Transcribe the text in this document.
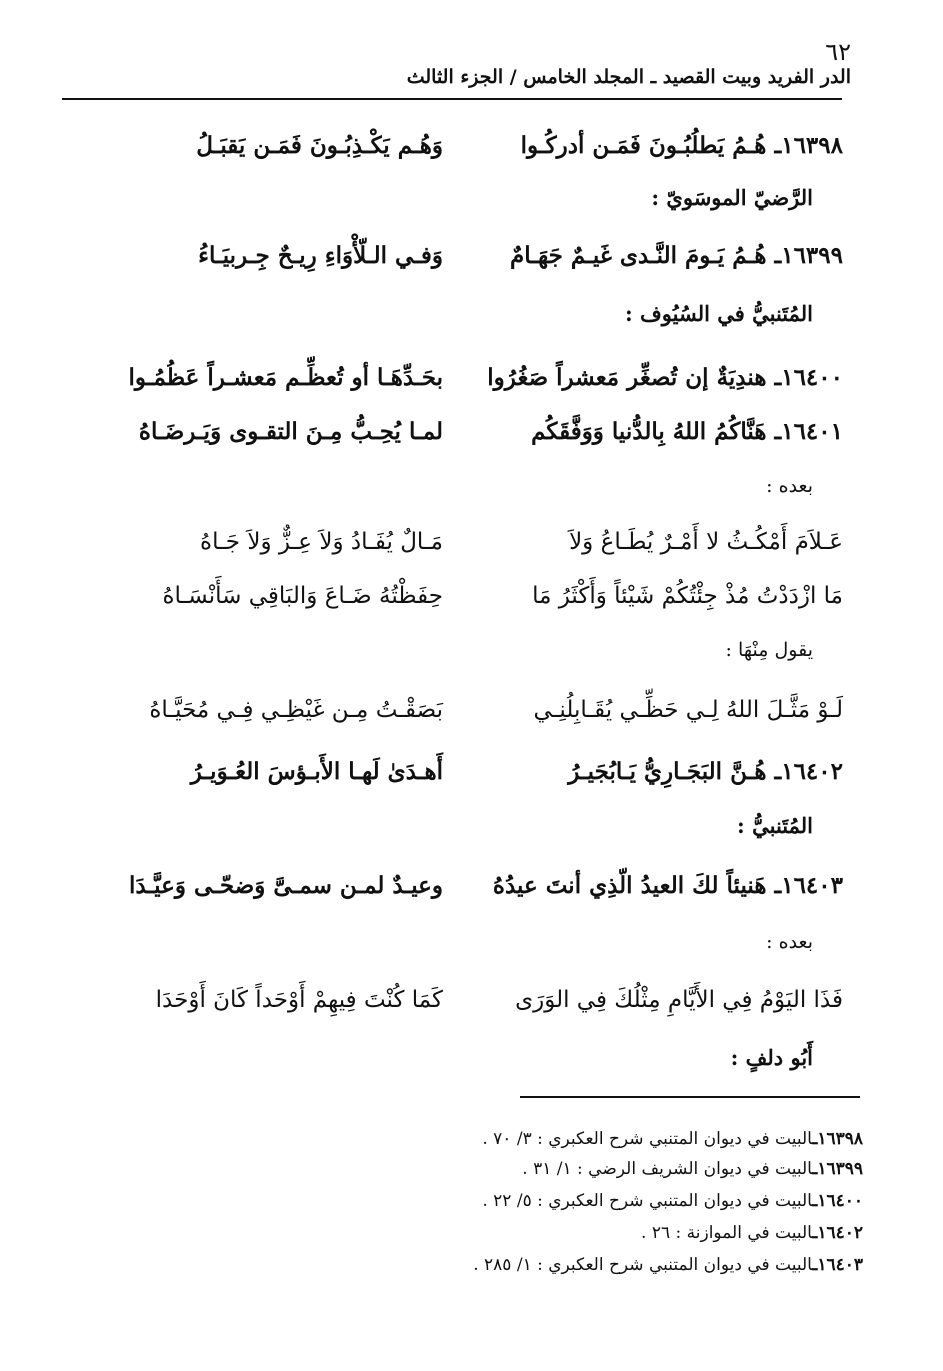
٦٢
الدر الفريد وبيت القصيد ـ المجلد الخامس / الجزء الثالث
١٦٣٩٨ـ هُـمُ يَطلُبُـونَ فَمَـن أدركُـوا
وَهُـم يَكْـذِبُـونَ فَمَـن يَقبَـلُ
الرَّضيّ الموسَويّ :
١٦٣٩٩ـ هُـمُ يَـومَ النَّـدى غَيـمٌ جَهَـامٌ
وَفـي الـلّأْوَاءِ رِيـحٌ جِـربيَـاءُ
المُتَنبيُّ في السُيُوف :
١٦٤٠٠ـ هندِيَةٌ إن تُصغِّر مَعشراً صَغُرُوا
بحَـدِّهَـا أو تُعظِّـم مَعشـراً عَظُمُـوا
١٦٤٠١ـ هَنَّاكُمُ اللهُ بِالدُّنيا وَوَفَّقَكُم
لمـا يُحِـبُّ مِـنَ التقـوى وَيَـرضَـاهُ
بعده :
عَـلاَمَ أَمْكُـثُ لا أَمْـرٌ يُطَـاعُ وَلاَ
مَـالٌ يُفَـادُ وَلاَ عِـزٌّ وَلاَ جَـاهُ
مَا ازْدَدْتُ مُذْ جِئْتُكُمْ شَيْئاً وَأَكْثَرُ مَا
حِفَظْتُهُ ضَـاعَ وَالبَاقِي سَأَنْسَـاهُ
يقول مِنْهَا :
لَـوْ مَثَّـلَ اللهُ لِـي حَظِّـي يُقَـابِلُنِـي
بَصَقْـتُ مِـن غَيْظِـي فِـي مُحَيَّـاهُ
١٦٤٠٢ـ هُـنَّ البَجَـارِيُّ يَـابُجَيـرُ
أَهـدَىٰ لَهـا الأَبـؤسَ العُـوَيـرُ
المُتَنبيُّ :
١٦٤٠٣ـ هَنيئاً لكَ العيدُ الّذِي أنتَ عيدُهُ
وعيـدٌ لمـن سمـىَّ وَضحّـى وَعيَّـدَا
بعده :
فَذَا اليَوْمُ فِي الأَيَّامِ مِثْلُكَ فِي الوَرَى
كَمَا كُنْتَ فِيهِمْ أَوْحَداً كَانَ أَوْحَدَا
أَبُو دلفٍ :
١٦٣٩٨ـالبيت في ديوان المتنبي شرح العكبري : ٣/ ٧٠ .
١٦٣٩٩ـالبيت في ديوان الشريف الرضي : ١/ ٣١ .
١٦٤٠٠ـالبيت في ديوان المتنبي شرح العكبري : ٥/ ٢٢ .
١٦٤٠٢ـالبيت في الموازنة : ٢٦ .
١٦٤٠٣ـالبيت في ديوان المتنبي شرح العكبري : ١/ ٢٨٥ .
